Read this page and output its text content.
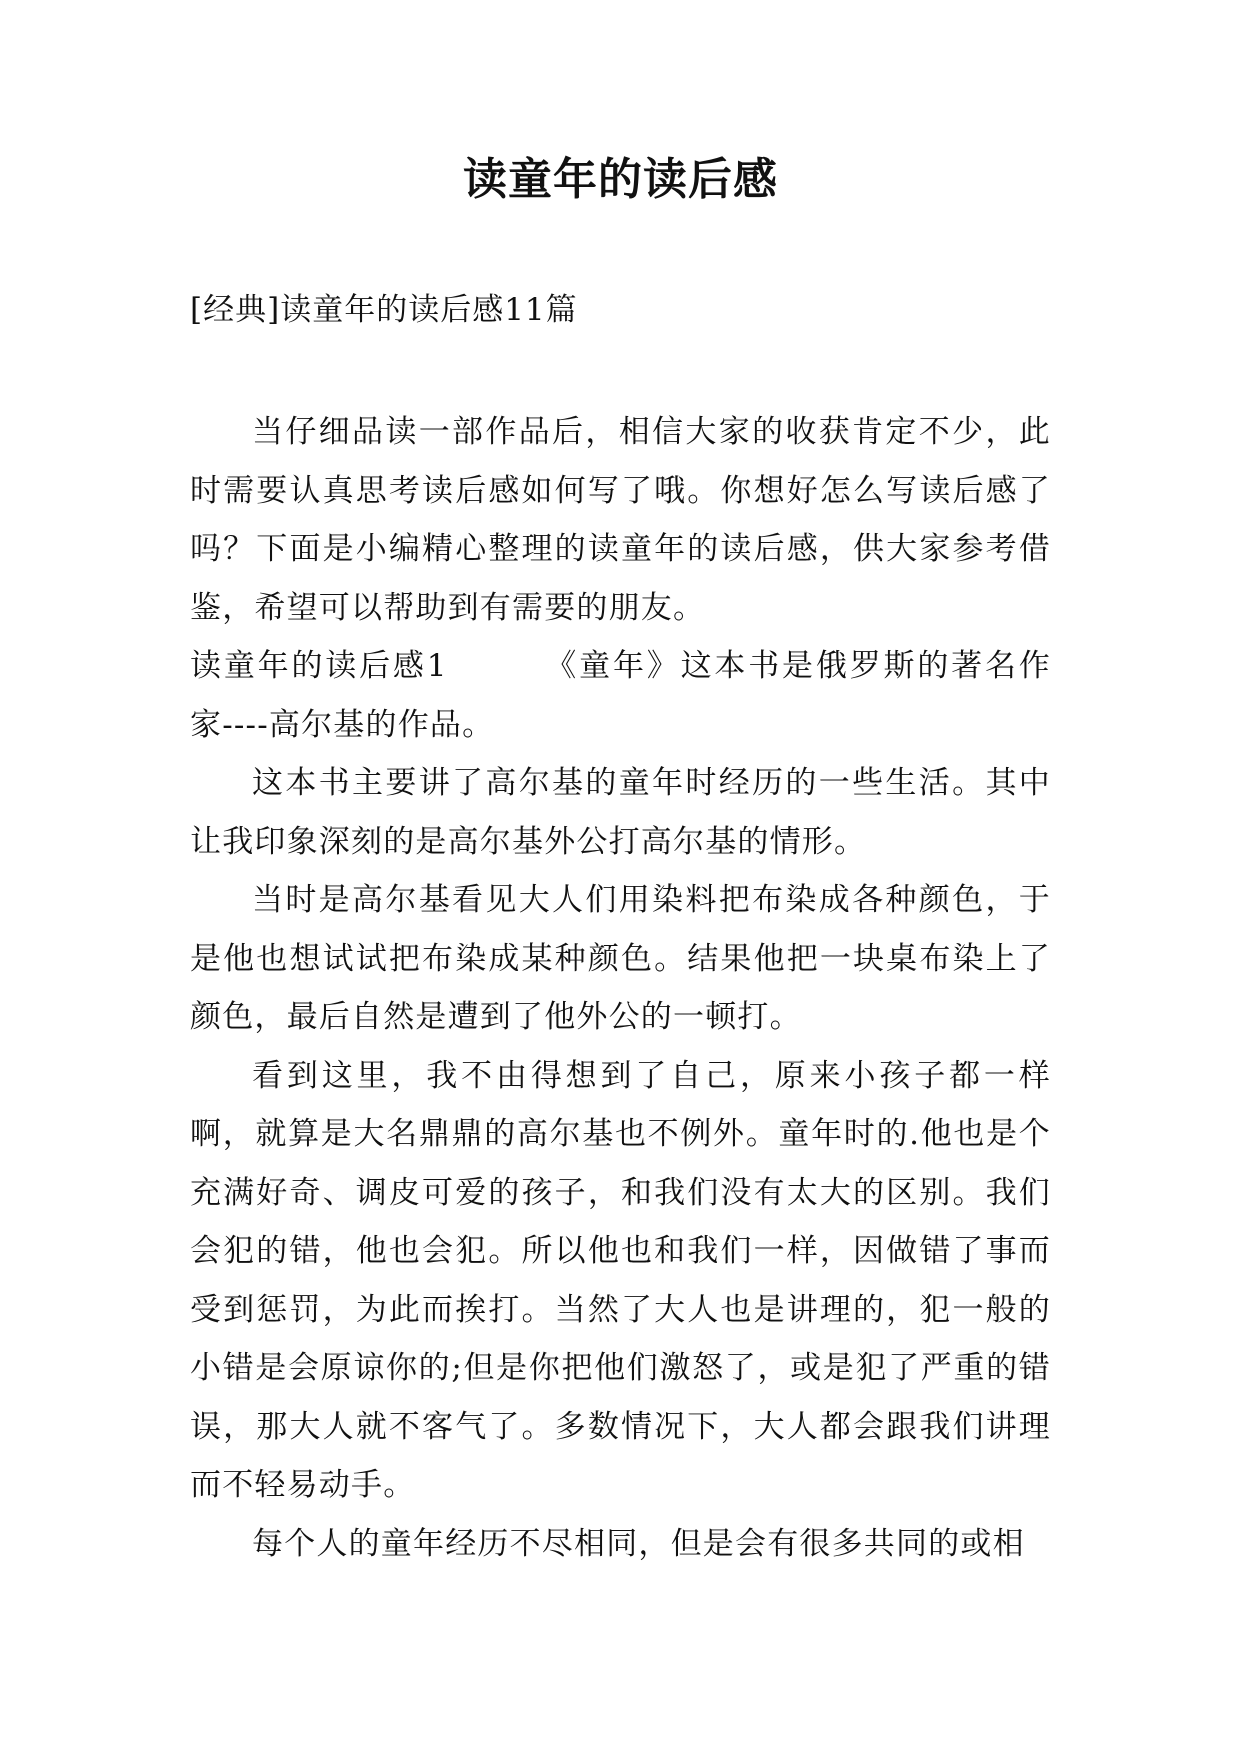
读童年的读后感

[经典]读童年的读后感11篇

当仔细品读一部作品后，相信大家的收获肯定不少，此时需要认真思考读后感如何写了哦。你想好怎么写读后感了吗？下面是小编精心整理的读童年的读后感，供大家参考借鉴，希望可以帮助到有需要的朋友。

读童年的读后感1	《童年》这本书是俄罗斯的著名作家----高尔基的作品。

这本书主要讲了高尔基的童年时经历的一些生活。其中让我印象深刻的是高尔基外公打高尔基的情形。

当时是高尔基看见大人们用染料把布染成各种颜色，于是他也想试试把布染成某种颜色。结果他把一块桌布染上了颜色，最后自然是遭到了他外公的一顿打。

看到这里，我不由得想到了自己，原来小孩子都一样啊，就算是大名鼎鼎的高尔基也不例外。童年时的.他也是个充满好奇、调皮可爱的孩子，和我们没有太大的区别。我们会犯的错，他也会犯。所以他也和我们一样，因做错了事而受到惩罚，为此而挨打。当然了大人也是讲理的，犯一般的小错是会原谅你的;但是你把他们激怒了，或是犯了严重的错误，那大人就不客气了。多数情况下，大人都会跟我们讲理而不轻易动手。

每个人的童年经历不尽相同，但是会有很多共同的或相
